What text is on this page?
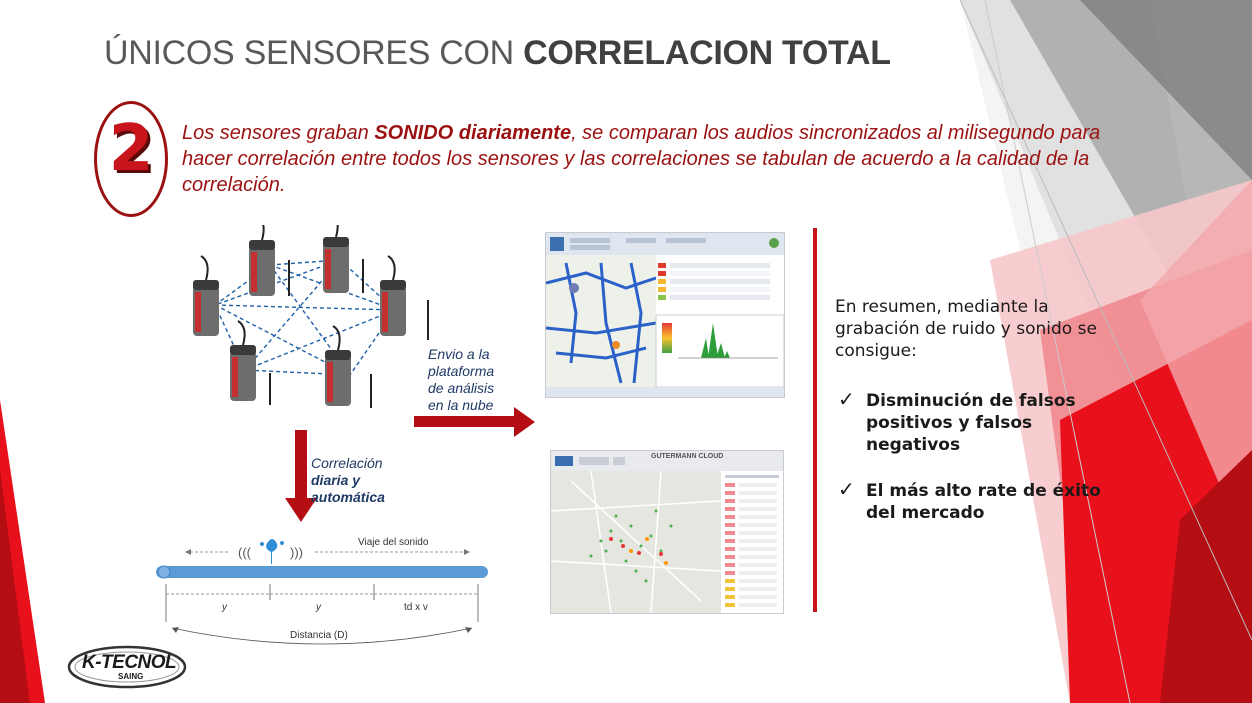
ÚNICOS SENSORES CON CORRELACION TOTAL
2	Los sensores graban SONIDO diariamente, se comparan los audios sincronizados al milisegundo para hacer correlación entre todos los sensores y las correlaciones se tabulan de acuerdo a la calidad de la correlación.
Envio a la
plataforma
de análisis
en la nube
Correlación
diaria y
automática
GUTERMANN CLOUD
En resumen, mediante la grabación de ruido y sonido se consigue:
✓ Disminución de falsos positivos y falsos negativos
✓ El más alto rate de éxito del mercado
(((	)))
Viaje del sonido
y	y	td x v
Distancia (D)
K-TECNOL
SAING
